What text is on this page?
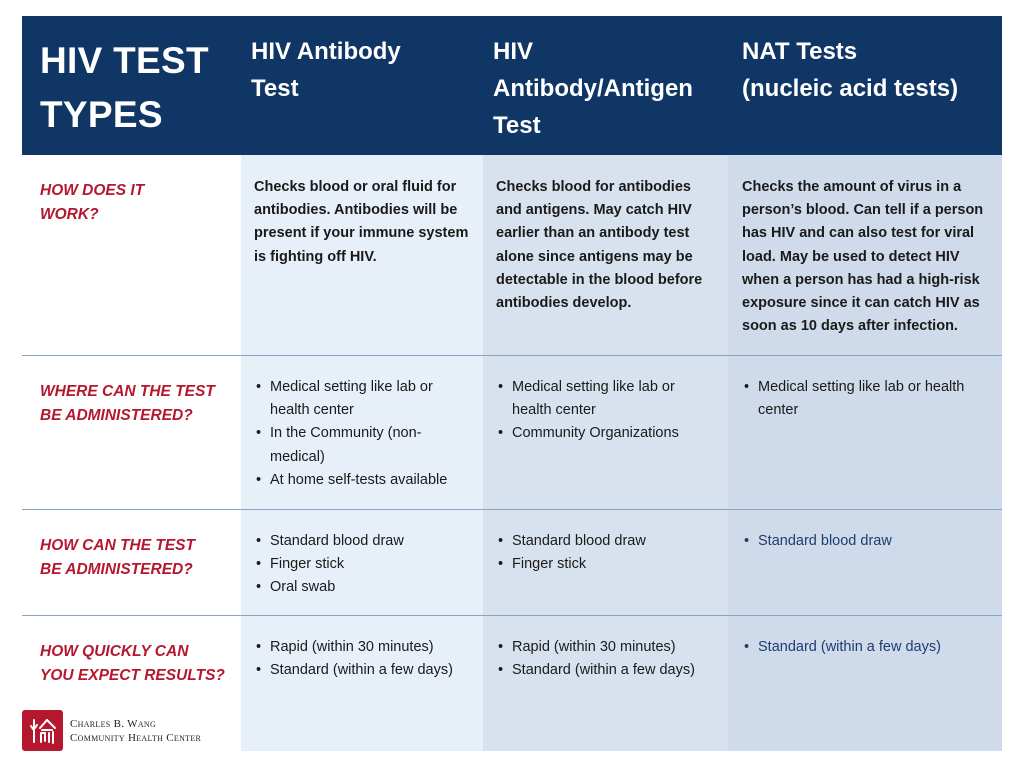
HIV TEST
TYPES
HIV Antibody
Test
HIV
Antibody/Antigen
Test
NAT Tests
(nucleic acid tests)
HOW DOES IT
WORK?
Checks blood or oral fluid for antibodies. Antibodies will be present if your immune system is fighting off HIV.
Checks blood for antibodies and antigens. May catch HIV earlier than an antibody test alone since antigens may be detectable in the blood before antibodies develop.
Checks the amount of virus in a person’s blood. Can tell if a person has HIV and can also test for viral load. May be used to detect HIV when a person has had a high-risk exposure since it can catch HIV as soon as 10 days after infection.
WHERE CAN THE TEST
BE ADMINISTERED?
• Medical setting like lab or health center
• In the Community (non-medical)
• At home self-tests available
• Medical setting like lab or health center
• Community Organizations
• Medical setting like lab or health center
HOW CAN THE TEST
BE ADMINISTERED?
• Standard blood draw
• Finger stick
• Oral swab
• Standard blood draw
• Finger stick
• Standard blood draw
HOW QUICKLY CAN
YOU EXPECT RESULTS?
• Rapid (within 30 minutes)
• Standard (within a few days)
• Rapid (within 30 minutes)
• Standard (within a few days)
• Standard (within a few days)
Charles B. Wang
Community Health Center
